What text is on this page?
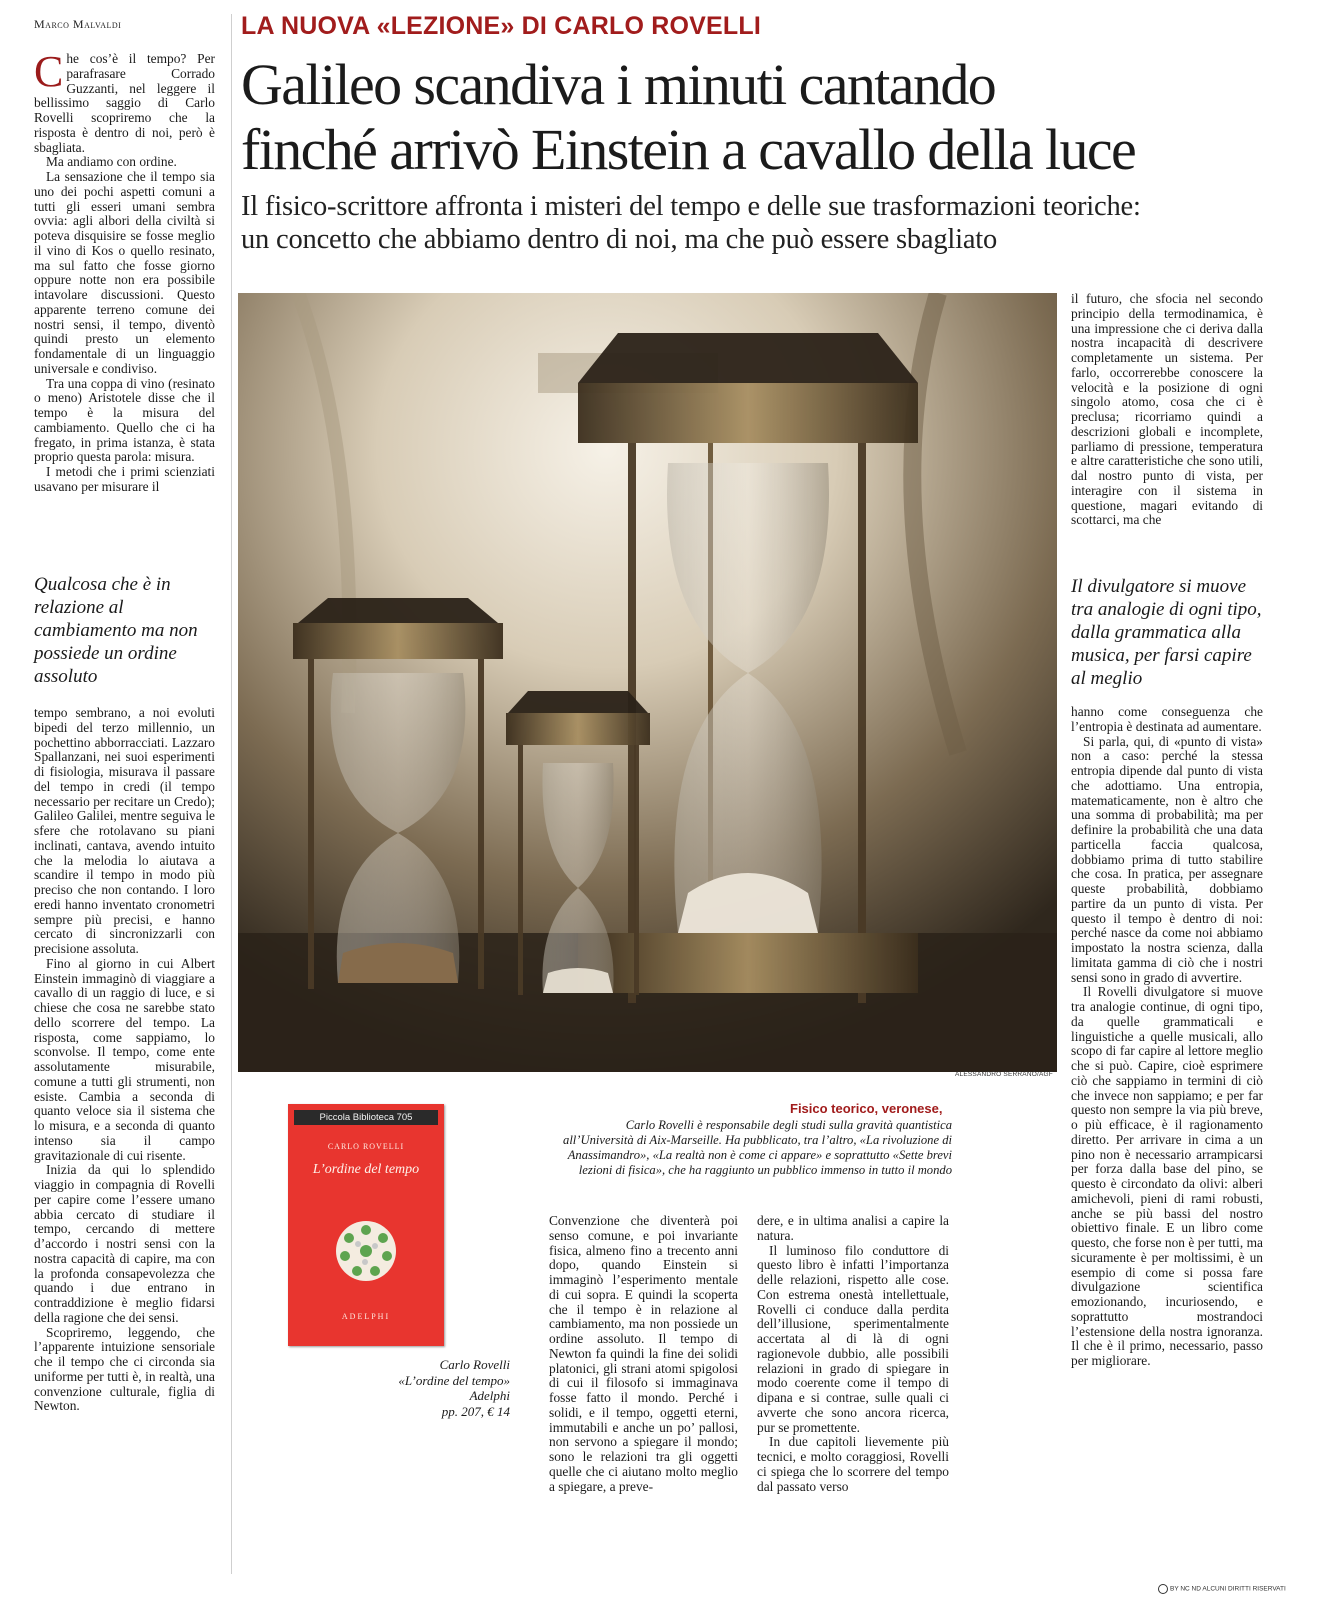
Marco Malvaldi	LA NUOVA «LEZIONE» DI CARLO ROVELLI
Galileo scandiva i minuti cantando
finché arrivò Einstein a cavallo della luce
Il fisico-scrittore affronta i misteri del tempo e delle sue trasformazioni teoriche:
un concetto che abbiamo dentro di noi, ma che può essere sbagliato

Che cos’è il tempo? Per parafrasare Corrado Guzzanti, nel leggere il bellissimo saggio di Carlo Rovelli scopriremo che la risposta è dentro di noi, però è sbagliata.

Ma andiamo con ordine.

La sensazione che il tempo sia uno dei pochi aspetti comuni a tutti gli esseri umani sembra ovvia: agli albori della civiltà si poteva disquisire se fosse meglio il vino di Kos o quello resinato, ma sul fatto che fosse giorno oppure notte non era possibile intavolare discussioni. Questo apparente terreno comune dei nostri sensi, il tempo, diventò quindi presto un elemento fondamentale di un linguaggio universale e condiviso.

Tra una coppa di vino (resinato o meno) Aristotele disse che il tempo è la misura del cambiamento. Quello che ci ha fregato, in prima istanza, è stata proprio questa parola: misura.

I metodi che i primi scienziati usavano per misurare il

Qualcosa che è in relazione al cambiamento ma non possiede un ordine assoluto

tempo sembrano, a noi evoluti bipedi del terzo millennio, un pochettino abborracciati. Lazzaro Spallanzani, nei suoi esperimenti di fisiologia, misurava il passare del tempo in credi (il tempo necessario per recitare un Credo); Galileo Galilei, mentre seguiva le sfere che rotolavano su piani inclinati, cantava, avendo intuito che la melodia lo aiutava a scandire il tempo in modo più preciso che non contando. I loro eredi hanno inventato cronometri sempre più precisi, e hanno cercato di sincronizzarli con precisione assoluta.

Fino al giorno in cui Albert Einstein immaginò di viaggiare a cavallo di un raggio di luce, e si chiese che cosa ne sarebbe stato dello scorrere del tempo. La risposta, come sappiamo, lo sconvolse. Il tempo, come ente assolutamente misurabile, comune a tutti gli strumenti, non esiste. Cambia a seconda di quanto veloce sia il sistema che lo misura, e a seconda di quanto intenso sia il campo gravitazionale di cui risente.

Inizia da qui lo splendido viaggio in compagnia di Rovelli per capire come l’essere umano abbia cercato di studiare il tempo, cercando di mettere d’accordo i nostri sensi con la nostra capacità di capire, ma con la profonda consapevolezza che quando i due entrano in contraddizione è meglio fidarsi della ragione che dei sensi.

Scopriremo, leggendo, che l’apparente intuizione sensoriale che il tempo che ci circonda sia uniforme per tutti è, in realtà, una convenzione culturale, figlia di Newton.

ALESSANDRO SERRANÒ/AGF
Fisico teorico, veronese,
Carlo Rovelli è responsabile degli studi sulla gravità quantistica all’Università di Aix-Marseille. Ha pubblicato, tra l’altro, «La rivoluzione di Anassimandro», «La realtà non è come ci appare» e soprattutto «Sette brevi lezioni di fisica», che ha raggiunto un pubblico immenso in tutto il mondo
Piccola Biblioteca 705
CARLO ROVELLI
L’ordine del tempo
ADELPHI
Carlo Rovelli
«L’ordine del tempo»
Adelphi
pp. 207, € 14

Convenzione che diventerà poi senso comune, e poi invariante fisica, almeno fino a trecento anni dopo, quando Einstein si immaginò l’esperimento mentale di cui sopra. E quindi la scoperta che il tempo è in relazione al cambiamento, ma non possiede un ordine assoluto. Il tempo di Newton fa quindi la fine dei solidi platonici, gli strani atomi spigolosi di cui il filosofo si immaginava fosse fatto il mondo. Perché i solidi, e il tempo, oggetti eterni, immutabili e anche un po’ pallosi, non servono a spiegare il mondo; sono le relazioni tra gli oggetti quelle che ci aiutano molto meglio a spiegare, a preve-

dere, e in ultima analisi a capire la natura.

Il luminoso filo conduttore di questo libro è infatti l’importanza delle relazioni, rispetto alle cose. Con estrema onestà intellettuale, Rovelli ci conduce dalla perdita dell’illusione, sperimentalmente accertata al di là di ogni ragionevole dubbio, alle possibili relazioni in grado di spiegare in modo coerente come il tempo di dipana e si contrae, sulle quali ci avverte che sono ancora ricerca, pur se promettente.

In due capitoli lievemente più tecnici, e molto coraggiosi, Rovelli ci spiega che lo scorrere del tempo dal passato verso

il futuro, che sfocia nel secondo principio della termodinamica, è una impressione che ci deriva dalla nostra incapacità di descrivere completamente un sistema. Per farlo, occorrerebbe conoscere la velocità e la posizione di ogni singolo atomo, cosa che ci è preclusa; ricorriamo quindi a descrizioni globali e incomplete, parliamo di pressione, temperatura e altre caratteristiche che sono utili, dal nostro punto di vista, per interagire con il sistema in questione, magari evitando di scottarci, ma che

Il divulgatore si muove tra analogie di ogni tipo, dalla grammatica alla musica, per farsi capire al meglio

hanno come conseguenza che l’entropia è destinata ad aumentare.

Si parla, qui, di «punto di vista» non a caso: perché la stessa entropia dipende dal punto di vista che adottiamo. Una entropia, matematicamente, non è altro che una somma di probabilità; ma per definire la probabilità che una data particella faccia qualcosa, dobbiamo prima di tutto stabilire che cosa. In pratica, per assegnare queste probabilità, dobbiamo partire da un punto di vista. Per questo il tempo è dentro di noi: perché nasce da come noi abbiamo impostato la nostra scienza, dalla limitata gamma di ciò che i nostri sensi sono in grado di avvertire.

Il Rovelli divulgatore si muove tra analogie continue, di ogni tipo, da quelle grammaticali e linguistiche a quelle musicali, allo scopo di far capire al lettore meglio che si può. Capire, cioè esprimere ciò che sappiamo in termini di ciò che invece non sappiamo; e per far questo non sempre la via più breve, o più efficace, è il ragionamento diretto. Per arrivare in cima a un pino non è necessario arrampicarsi per forza dalla base del pino, se questo è circondato da olivi: alberi amichevoli, pieni di rami robusti, anche se più bassi del nostro obiettivo finale. E un libro come questo, che forse non è per tutti, ma sicuramente è per moltissimi, è un esempio di come si possa fare divulgazione scientifica emozionando, incuriosendo, e soprattutto mostrandoci l’estensione della nostra ignoranza. Il che è il primo, necessario, passo per migliorare.

BY NC ND ALCUNI DIRITTI RISERVATI
